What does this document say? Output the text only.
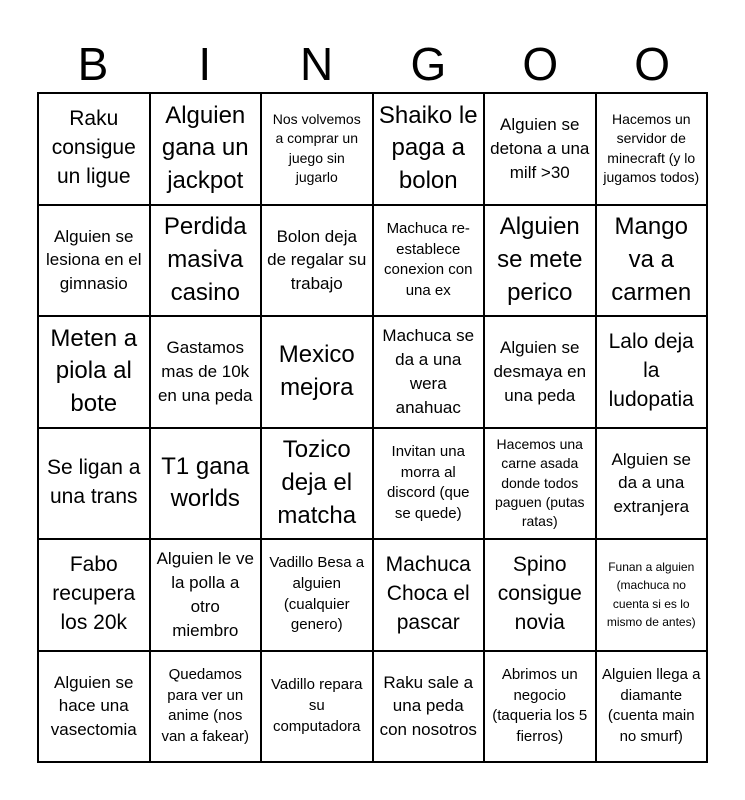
B	I	N	G	O	O
Raku consigue un ligue
Alguien gana un jackpot
Nos volvemos a comprar un juego sin jugarlo
Shaiko le paga a bolon
Alguien se detona a una milf >30
Hacemos un servidor de minecraft (y lo jugamos todos)
Alguien se lesiona en el gimnasio
Perdida masiva casino
Bolon deja de regalar su trabajo
Machuca re-establece conexion con una ex
Alguien se mete perico
Mango va a carmen
Meten a piola al bote
Gastamos mas de 10k en una peda
Mexico mejora
Machuca se da a una wera anahuac
Alguien se desmaya en una peda
Lalo deja la ludopatia
Se ligan a una trans
T1 gana worlds
Tozico deja el matcha
Invitan una morra al discord (que se quede)
Hacemos una carne asada donde todos paguen (putas ratas)
Alguien se da a una extranjera
Fabo recupera los 20k
Alguien le ve la polla a otro miembro
Vadillo Besa a alguien (cualquier genero)
Machuca Choca el pascar
Spino consigue novia
Funan a alguien (machuca no cuenta si es lo mismo de antes)
Alguien se hace una vasectomia
Quedamos para ver un anime (nos van a fakear)
Vadillo repara su computadora
Raku sale a una peda con nosotros
Abrimos un negocio (taqueria los 5 fierros)
Alguien llega a diamante (cuenta main no smurf)
